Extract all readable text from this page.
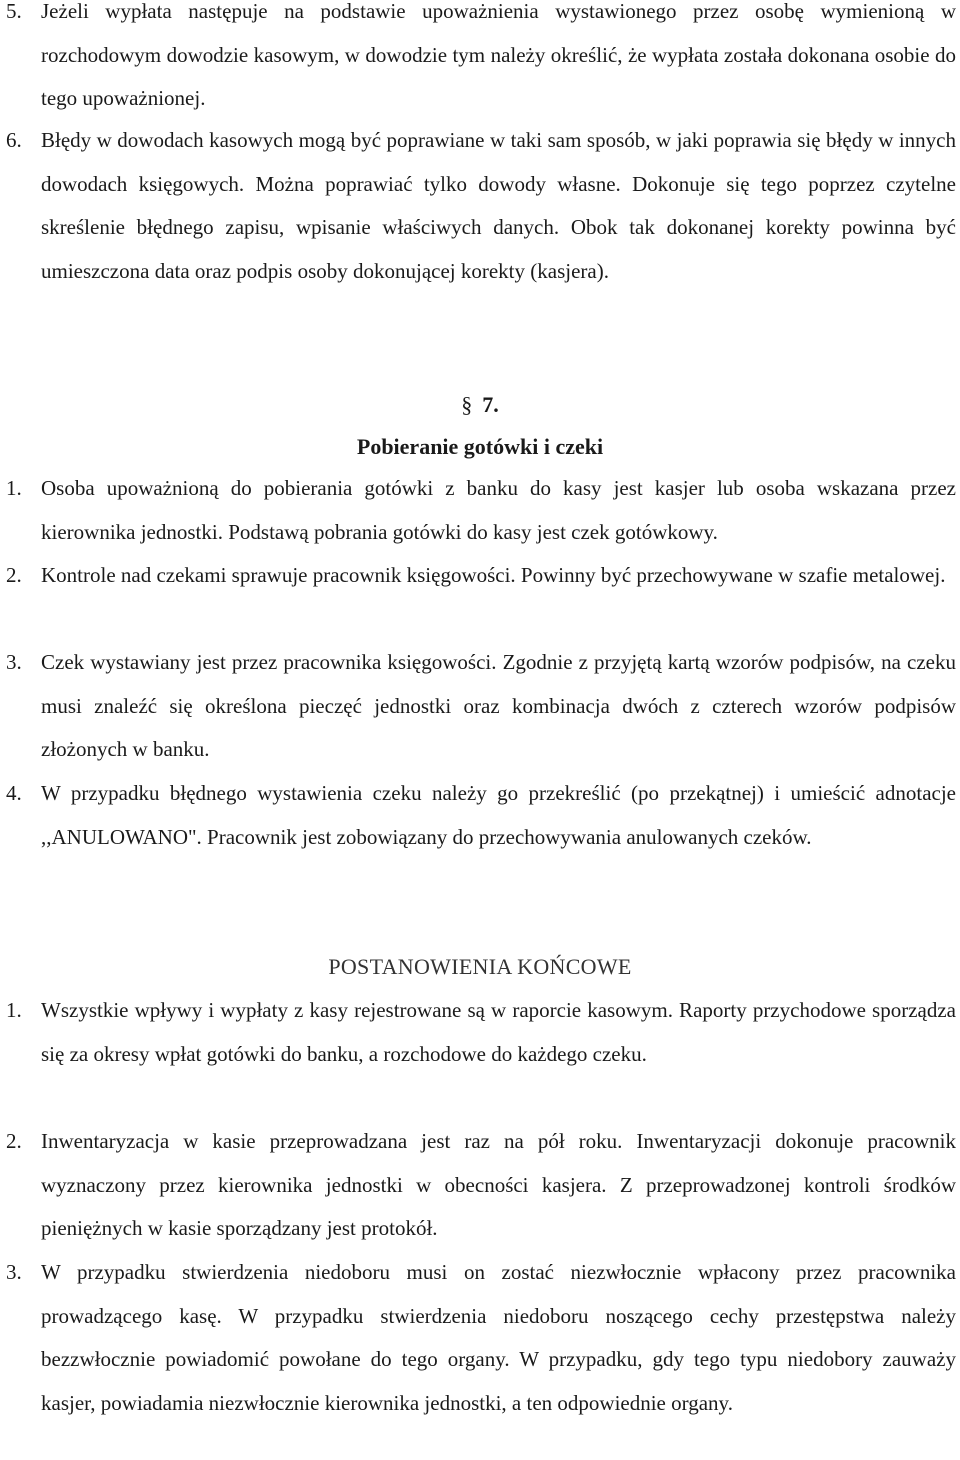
5. Jeżeli wypłata następuje na podstawie upoważnienia wystawionego przez osobę wymienioną w rozchodowym dowodzie kasowym, w dowodzie tym należy określić, że wypłata została dokonana osobie do tego upoważnionej.
6. Błędy w dowodach kasowych mogą być poprawiane w taki sam sposób, w jaki poprawia się błędy w innych dowodach księgowych. Można poprawiać tylko dowody własne. Dokonuje się tego poprzez czytelne skreślenie błędnego zapisu, wpisanie właściwych danych. Obok tak dokonanej korekty powinna być umieszczona data oraz podpis osoby dokonującej korekty (kasjera).
§ 7.
Pobieranie gotówki i czeki
1. Osoba upoważnioną do pobierania gotówki z banku do kasy jest kasjer lub osoba wskazana przez kierownika jednostki. Podstawą pobrania gotówki do kasy jest czek gotówkowy.
2. Kontrole nad czekami sprawuje pracownik księgowości. Powinny być przechowywane w szafie metalowej.
3. Czek wystawiany jest przez pracownika księgowości. Zgodnie z przyjętą kartą wzorów podpisów, na czeku musi znaleźć się określona pieczęć jednostki oraz kombinacja dwóch z czterech wzorów podpisów złożonych w banku.
4. W przypadku błędnego wystawienia czeku należy go przekreślić (po przekątnej) i umieścić adnotacje ,,ANULOWANO". Pracownik jest zobowiązany do przechowywania anulowanych czeków.
POSTANOWIENIA KOŃCOWE
1. Wszystkie wpływy i wypłaty z kasy rejestrowane są w raporcie kasowym. Raporty przychodowe sporządza się za okresy wpłat gotówki do banku, a rozchodowe do każdego czeku.
2. Inwentaryzacja w kasie przeprowadzana jest raz na pół roku. Inwentaryzacji dokonuje pracownik wyznaczony przez kierownika jednostki w obecności kasjera. Z przeprowadzonej kontroli środków pieniężnych w kasie sporządzany jest protokół.
3. W przypadku stwierdzenia niedoboru musi on zostać niezwłocznie wpłacony przez pracownika prowadzącego kasę. W przypadku stwierdzenia niedoboru noszącego cechy przestępstwa należy bezzwłocznie powiadomić powołane do tego organy. W przypadku, gdy tego typu niedobory zauważy kasjer, powiadamia niezwłocznie kierownika jednostki, a ten odpowiednie organy.
